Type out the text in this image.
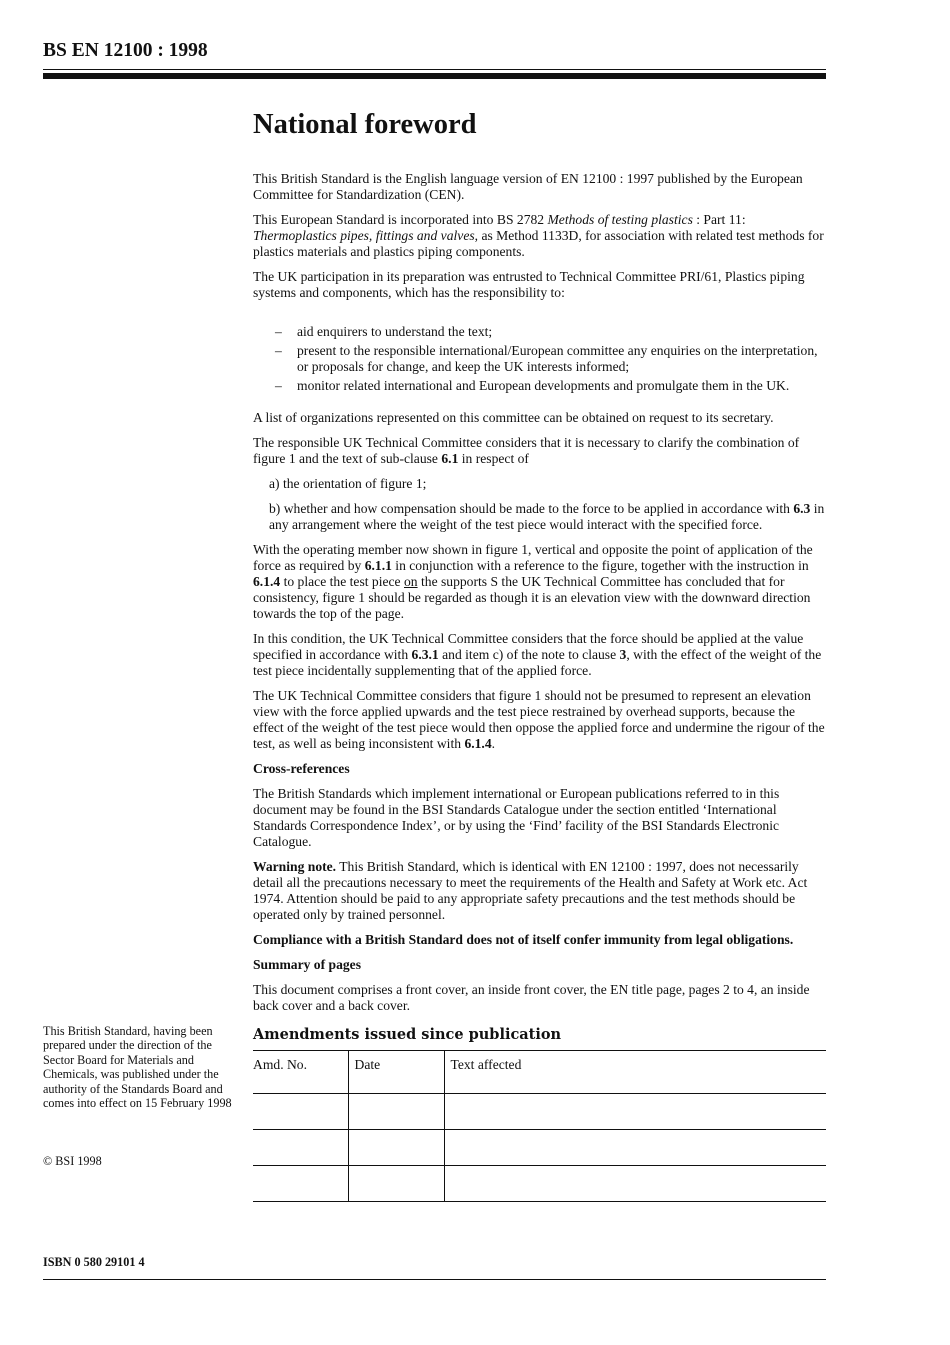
BS EN 12100 : 1998

National foreword

This British Standard is the English language version of EN 12100 : 1997 published by the European Committee for Standardization (CEN).

This European Standard is incorporated into BS 2782 Methods of testing plastics : Part 11: Thermoplastics pipes, fittings and valves, as Method 1133D, for association with related test methods for plastics materials and plastics piping components.

The UK participation in its preparation was entrusted to Technical Committee PRI/61, Plastics piping systems and components, which has the responsibility to:

– aid enquirers to understand the text;
– present to the responsible international/European committee any enquiries on the interpretation, or proposals for change, and keep the UK interests informed;
– monitor related international and European developments and promulgate them in the UK.

A list of organizations represented on this committee can be obtained on request to its secretary.

The responsible UK Technical Committee considers that it is necessary to clarify the combination of figure 1 and the text of sub-clause 6.1 in respect of

a) the orientation of figure 1;

b) whether and how compensation should be made to the force to be applied in accordance with 6.3 in any arrangement where the weight of the test piece would interact with the specified force.

With the operating member now shown in figure 1, vertical and opposite the point of application of the force as required by 6.1.1 in conjunction with a reference to the figure, together with the instruction in 6.1.4 to place the test piece on the supports S the UK Technical Committee has concluded that for consistency, figure 1 should be regarded as though it is an elevation view with the downward direction towards the top of the page.

In this condition, the UK Technical Committee considers that the force should be applied at the value specified in accordance with 6.3.1 and item c) of the note to clause 3, with the effect of the weight of the test piece incidentally supplementing that of the applied force.

The UK Technical Committee considers that figure 1 should not be presumed to represent an elevation view with the force applied upwards and the test piece restrained by overhead supports, because the effect of the weight of the test piece would then oppose the applied force and undermine the rigour of the test, as well as being inconsistent with 6.1.4.

Cross-references

The British Standards which implement international or European publications referred to in this document may be found in the BSI Standards Catalogue under the section entitled ‘International Standards Correspondence Index’, or by using the ‘Find’ facility of the BSI Standards Electronic Catalogue.

Warning note. This British Standard, which is identical with EN 12100 : 1997, does not necessarily detail all the precautions necessary to meet the requirements of the Health and Safety at Work etc. Act 1974. Attention should be paid to any appropriate safety precautions and the test methods should be operated only by trained personnel.

Compliance with a British Standard does not of itself confer immunity from legal obligations.

Summary of pages

This document comprises a front cover, an inside front cover, the EN title page, pages 2 to 4, an inside back cover and a back cover.

Amendments issued since publication

Amd. No.	Date	Text affected

This British Standard, having been prepared under the direction of the Sector Board for Materials and Chemicals, was published under the authority of the Standards Board and comes into effect on 15 February 1998
© BSI 1998
ISBN 0 580 29101 4
